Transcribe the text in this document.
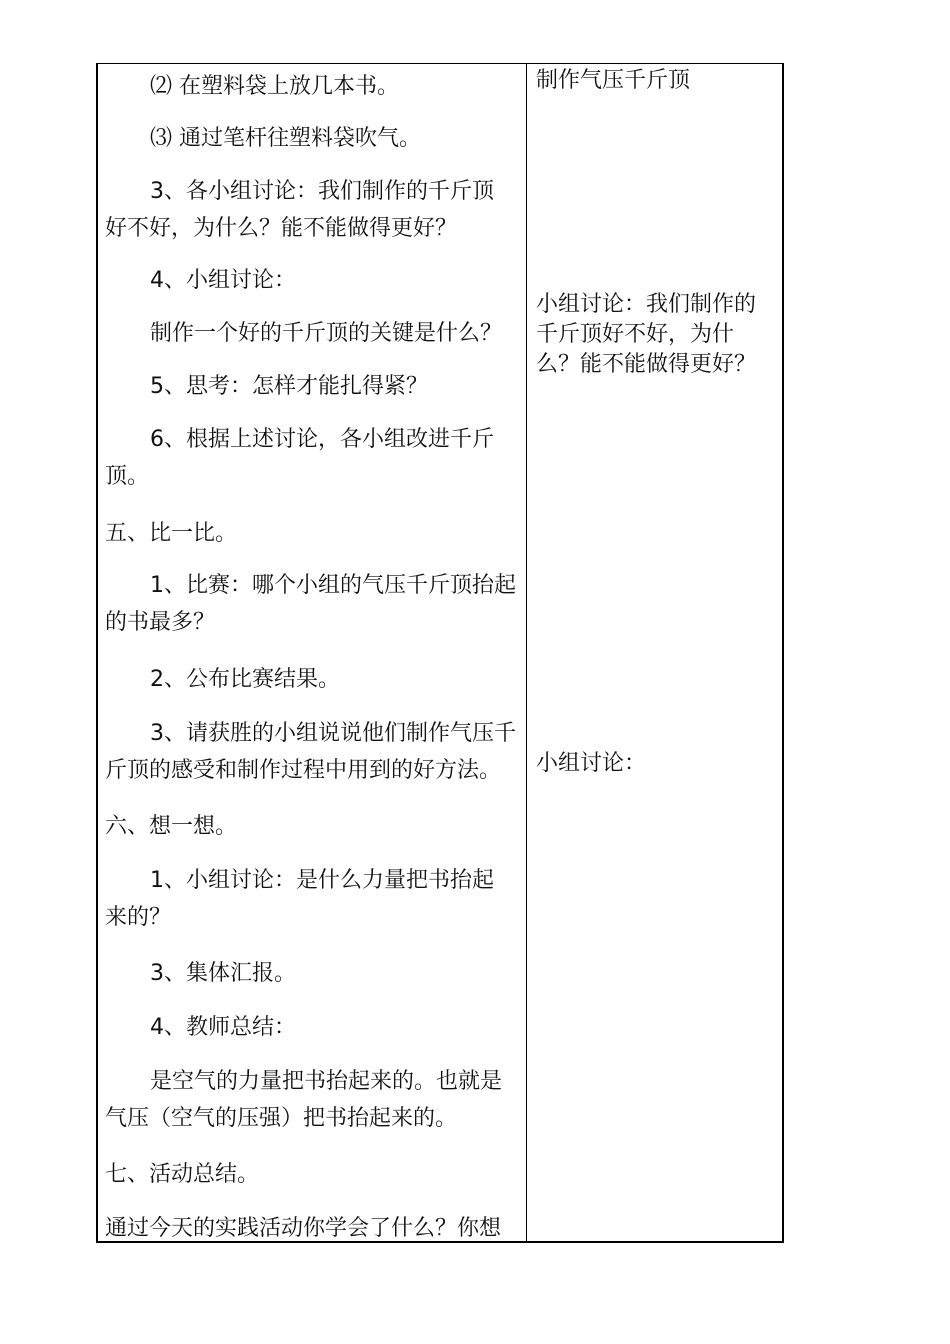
⑵ 在塑料袋上放几本书。
⑶ 通过笔杆往塑料袋吹气。
3、各小组讨论：我们制作的千斤顶
好不好，为什么？能不能做得更好？
4、小组讨论：
制作一个好的千斤顶的关键是什么？
5、思考：怎样才能扎得紧？
6、根据上述讨论，各小组改进千斤
顶。
五、比一比。
1、比赛：哪个小组的气压千斤顶抬起
的书最多？
2、公布比赛结果。
3、请获胜的小组说说他们制作气压千
斤顶的感受和制作过程中用到的好方法。
六、想一想。
1、小组讨论：是什么力量把书抬起
来的？
3、集体汇报。
4、教师总结：
是空气的力量把书抬起来的。也就是
气压（空气的压强）把书抬起来的。
七、活动总结。
通过今天的实践活动你学会了什么？你想
制作气压千斤顶
小组讨论：我们制作的
千斤顶好不好，为什
么？能不能做得更好？
小组讨论：
